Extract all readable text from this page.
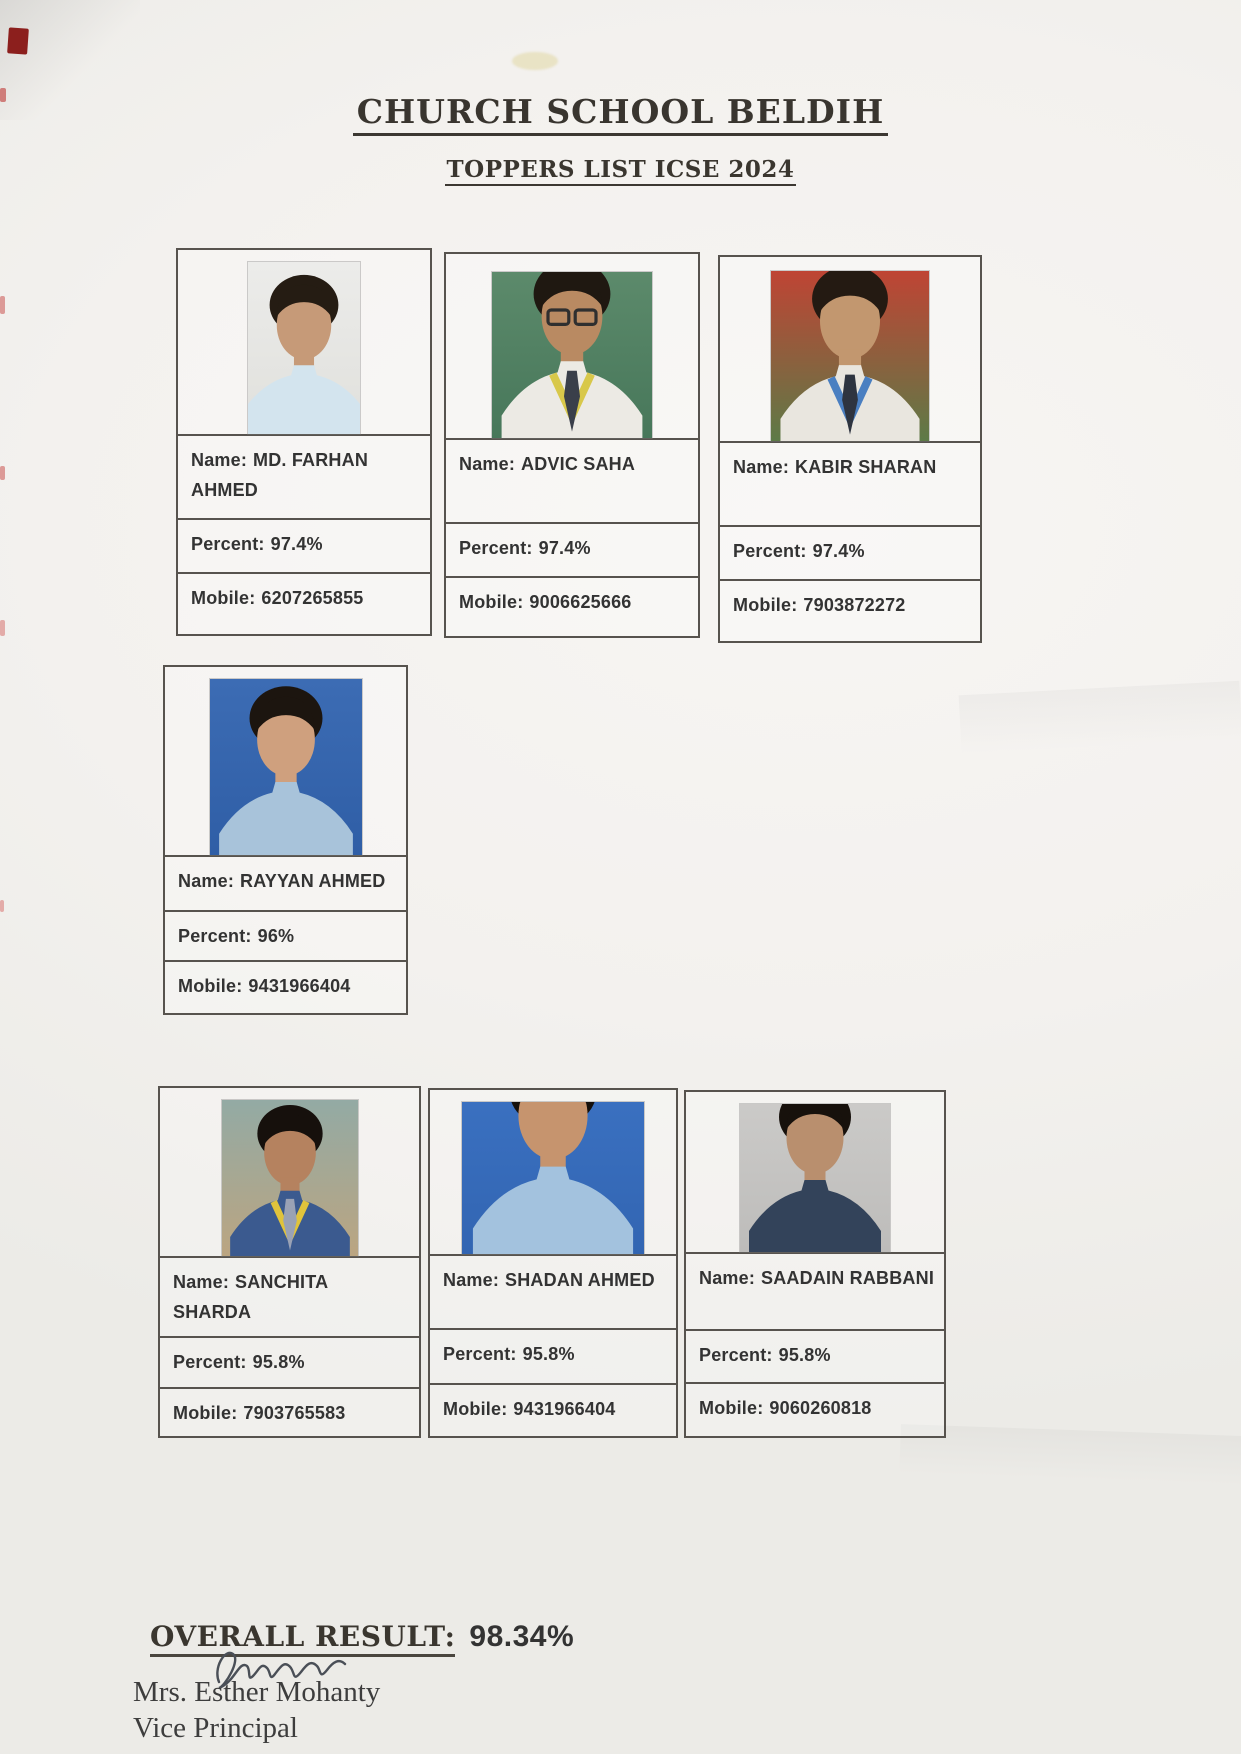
CHURCH SCHOOL BELDIH
TOPPERS LIST ICSE 2024
Name: MD. FARHAN AHMED
Percent: 97.4%
Mobile: 6207265855
Name: ADVIC SAHA
Percent: 97.4%
Mobile: 9006625666
Name: KABIR SHARAN
Percent: 97.4%
Mobile: 7903872272
Name: RAYYAN AHMED
Percent: 96%
Mobile: 9431966404
Name: SANCHITA SHARDA
Percent: 95.8%
Mobile: 7903765583
Name: SHADAN AHMED
Percent: 95.8%
Mobile: 9431966404
Name: SAADAIN RABBANI
Percent: 95.8%
Mobile: 9060260818
OVERALL RESULT: 98.34%
Mrs. Esther Mohanty
Vice Principal
